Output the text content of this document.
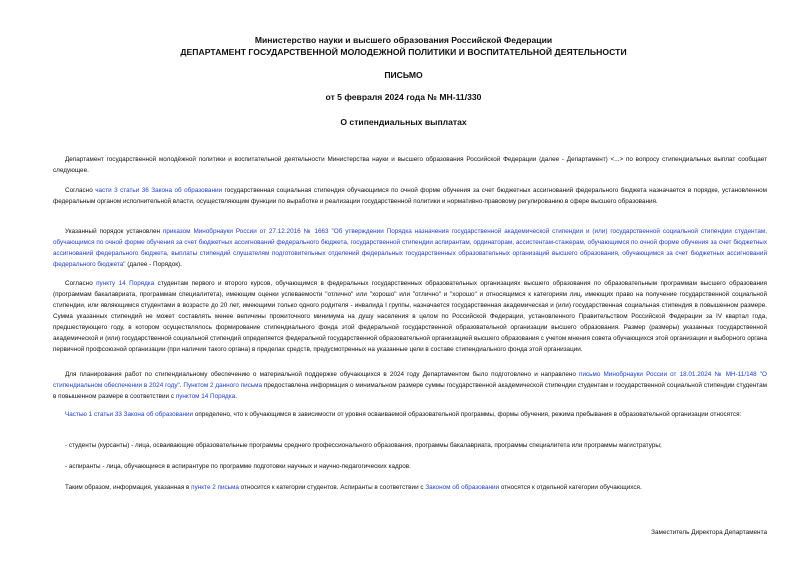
Министерство науки и высшего образования Российской Федерации
ДЕПАРТАМЕНТ ГОСУДАРСТВЕННОЙ МОЛОДЕЖНОЙ ПОЛИТИКИ И ВОСПИТАТЕЛЬНОЙ ДЕЯТЕЛЬНОСТИ
ПИСЬМО
от 5 февраля 2024 года № МН-11/330
О стипендиальных выплатах

Департамент государственной молодёжной политики и воспитательной деятельности Министерства науки и высшего образования Российской Федерации (далее - Департамент) <...> по вопросу стипендиальных выплат сообщает следующее.

Согласно части 3 статьи 36 Закона об образовании государственная социальная стипендия обучающимся по очной форме обучения за счет бюджетных ассигнований федерального бюджета назначается в порядке, установленном федеральным органом исполнительной власти, осуществляющим функции по выработке и реализации государственной политики и нормативно-правовому регулированию в сфере высшего образования.

Указанный порядок установлен приказом Минобрнауки России от 27.12.2016 № 1663 "Об утверждении Порядка назначения государственной академической стипендии и (или) государственной социальной стипендии студентам, обучающимся по очной форме обучения за счет бюджетных ассигнований федерального бюджета, государственной стипендии аспирантам, ординаторам, ассистентам-стажерам, обучающимся по очной форме обучения за счет бюджетных ассигнований федерального бюджета, выплаты стипендий слушателям подготовительных отделений федеральных государственных образовательных организаций высшего образования, обучающимся за счет бюджетных ассигнований федерального бюджета" (далее - Порядок).

Согласно пункту 14 Порядка студентам первого и второго курсов, обучающимся в федеральных государственных образовательных организациях высшего образования по образовательным программам высшего образования (программам бакалавриата, программам специалитета), имеющим оценки успеваемости "отлично" или "хорошо" или "отлично" и "хорошо" и относящимся к категориям лиц, имеющих право на получение государственной социальной стипендии, или являющимся студентами в возрасте до 20 лет, имеющими только одного родителя - инвалида I группы, назначается государственная академическая и (или) государственная социальная стипендия в повышенном размере. Сумма указанных стипендий не может составлять менее величины прожиточного минимума на душу населения в целом по Российской Федерации, установленного Правительством Российской Федерации за IV квартал года, предшествующего году, в котором осуществлялось формирование стипендиального фонда этой федеральной государственной образовательной организации высшего образования. Размер (размеры) указанных государственной академической и (или) государственной социальной стипендий определяется федеральной государственной образовательной организацией высшего образования с учетом мнения совета обучающихся этой организации и выборного органа первичной профсоюзной организации (при наличии такого органа) в пределах средств, предусмотренных на указанные цели в составе стипендиального фонда этой организации.

Для планирования работ по стипендиальному обеспечению о материальной поддержке обучающихся в 2024 году Департаментом было подготовлено и направлено письмо Минобрнауки России от 18.01.2024 № МН-11/148 "О стипендиальном обеспечении в 2024 году". Пунктом 2 данного письма предоставлена информация о минимальном размере суммы государственной академической стипендии студентам и государственной социальной стипендии студентам в повышенном размере в соответствии с пунктом 14 Порядка.

Частью 1 статьи 33 Закона об образовании определено, что к обучающимся в зависимости от уровня осваиваемой образовательной программы, формы обучения, режима пребывания в образовательной организации относятся:

- студенты (курсанты) - лица, осваивающие образовательные программы среднего профессионального образования, программы бакалавриата, программы специалитета или программы магистратуры;

- аспиранты - лица, обучающиеся в аспирантуре по программе подготовки научных и научно-педагогических кадров.

Таким образом, информация, указанная в пункте 2 письма относится к категории студентов. Аспиранты в соответствии с Законом об образовании относятся к отдельной категории обучающихся.

Заместитель Директора Департамента
